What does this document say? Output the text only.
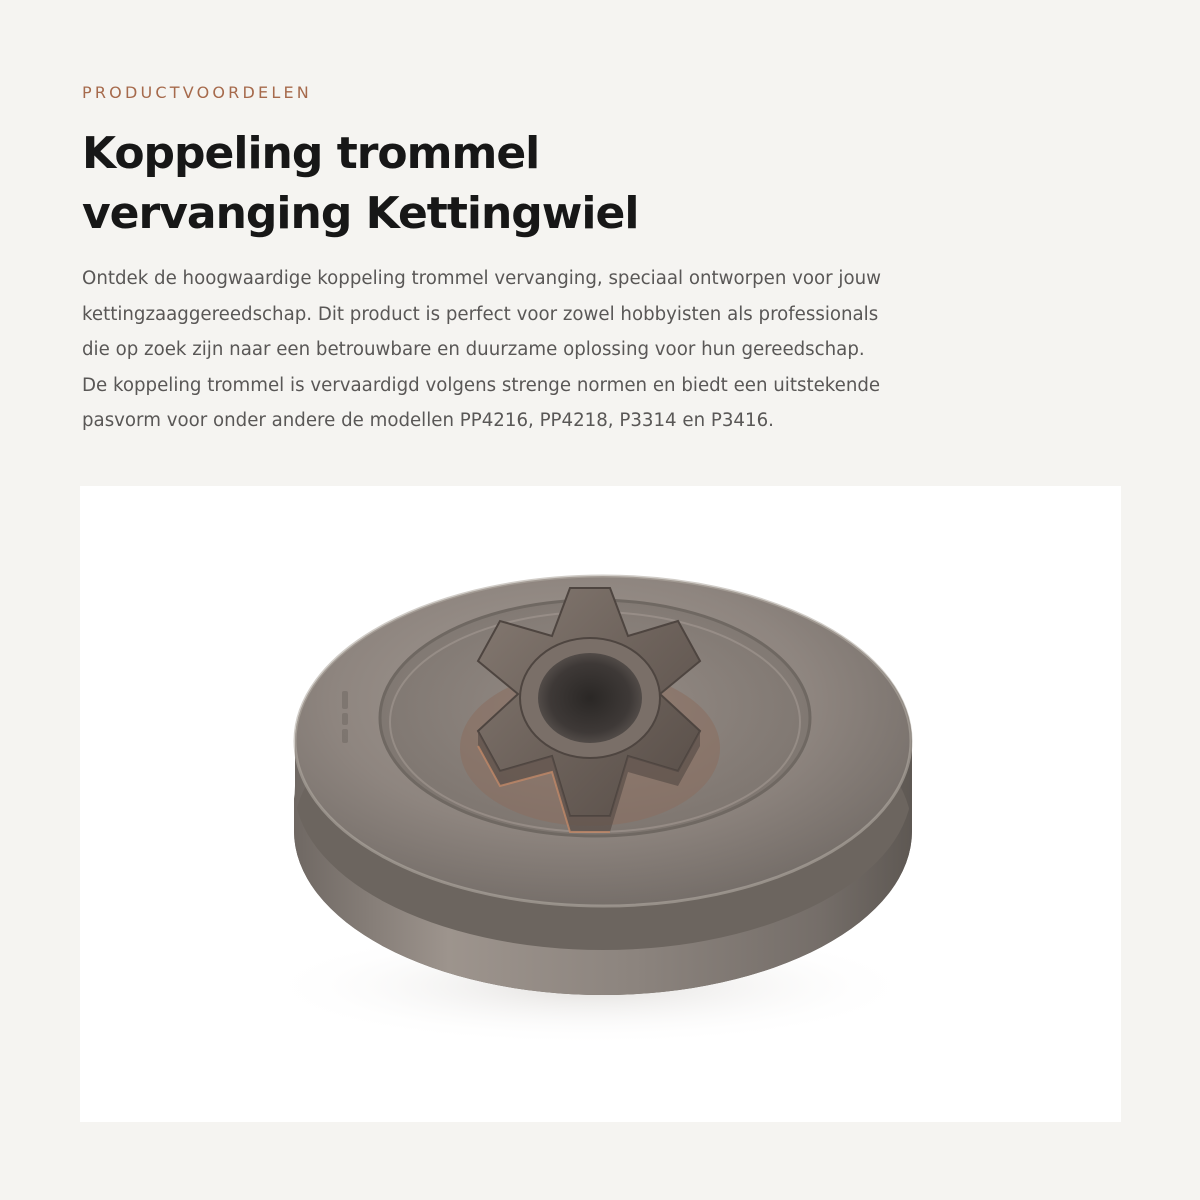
PRODUCTVOORDELEN

Koppeling trommel
vervanging Kettingwiel

Ontdek de hoogwaardige koppeling trommel vervanging, speciaal ontworpen voor jouw
kettingzaaggereedschap. Dit product is perfect voor zowel hobbyisten als professionals
die op zoek zijn naar een betrouwbare en duurzame oplossing voor hun gereedschap.
De koppeling trommel is vervaardigd volgens strenge normen en biedt een uitstekende
pasvorm voor onder andere de modellen PP4216, PP4218, P3314 en P3416.
